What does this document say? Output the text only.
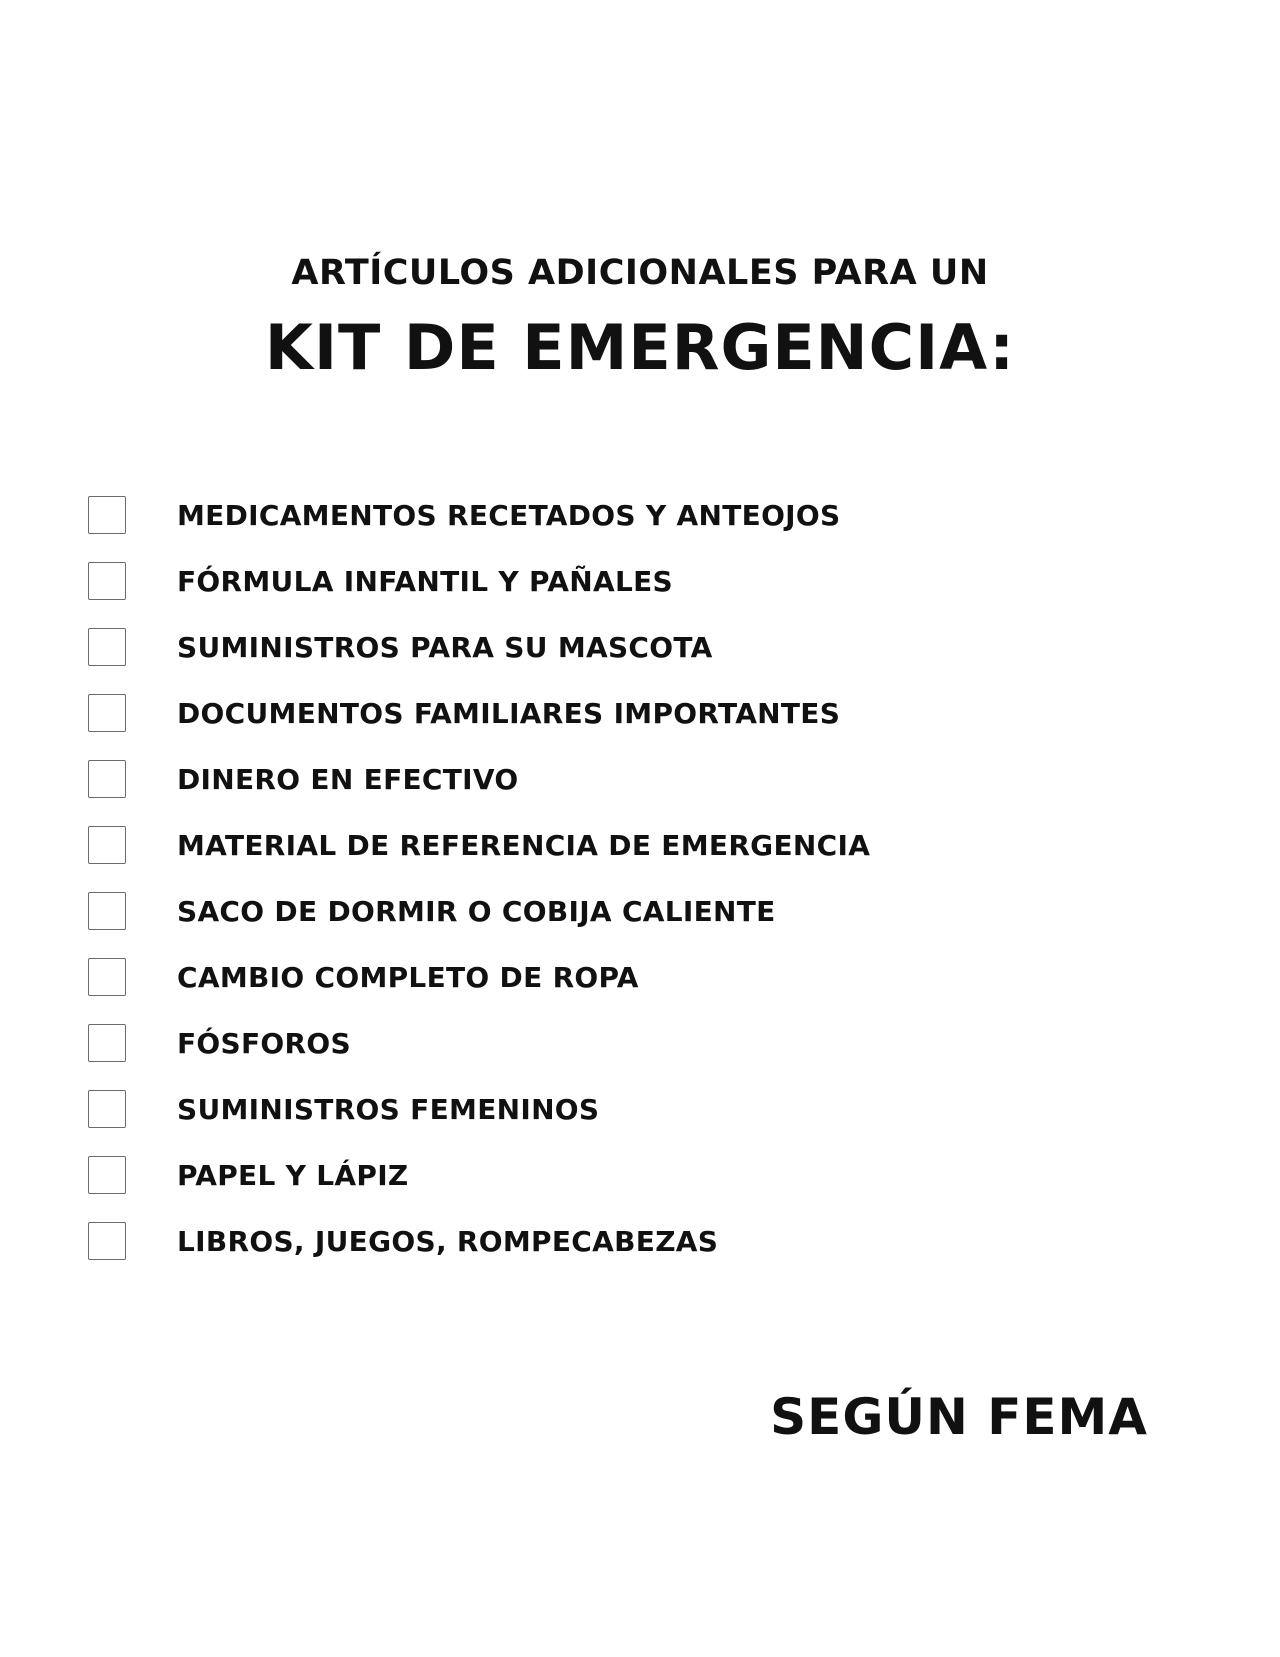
ARTÍCULOS ADICIONALES PARA UN
KIT DE EMERGENCIA:
MEDICAMENTOS RECETADOS Y ANTEOJOS
FÓRMULA INFANTIL Y PAÑALES
SUMINISTROS PARA SU MASCOTA
DOCUMENTOS FAMILIARES IMPORTANTES
DINERO EN EFECTIVO
MATERIAL DE REFERENCIA DE EMERGENCIA
SACO DE DORMIR O COBIJA CALIENTE
CAMBIO COMPLETO DE ROPA
FÓSFOROS
SUMINISTROS FEMENINOS
PAPEL Y LÁPIZ
LIBROS, JUEGOS, ROMPECABEZAS
SEGÚN FEMA
